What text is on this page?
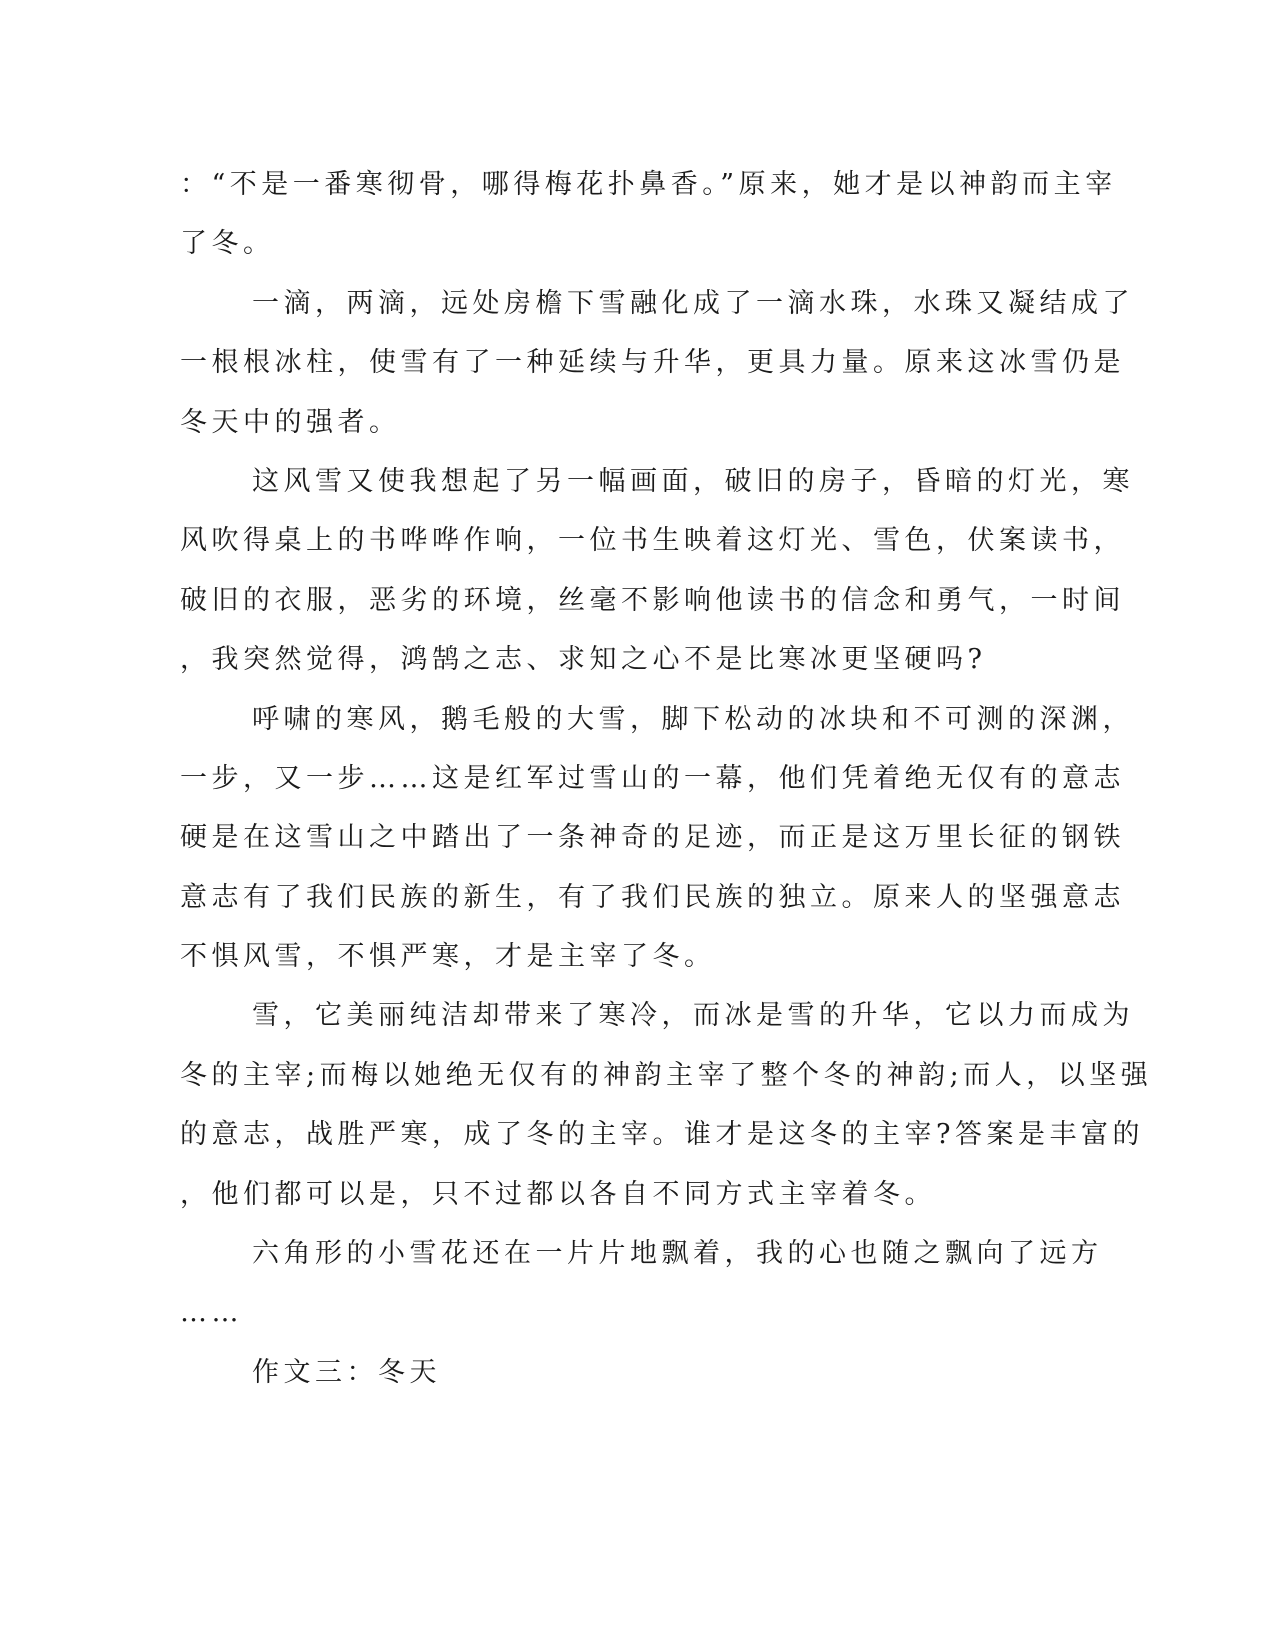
：“不是一番寒彻骨，哪得梅花扑鼻香。”原来，她才是以神韵而主宰
了冬。
一滴，两滴，远处房檐下雪融化成了一滴水珠，水珠又凝结成了
一根根冰柱，使雪有了一种延续与升华，更具力量。原来这冰雪仍是
冬天中的强者。
这风雪又使我想起了另一幅画面，破旧的房子，昏暗的灯光，寒
风吹得桌上的书哗哗作响，一位书生映着这灯光、雪色，伏案读书，
破旧的衣服，恶劣的环境，丝毫不影响他读书的信念和勇气，一时间
，我突然觉得，鸿鹄之志、求知之心不是比寒冰更坚硬吗?
呼啸的寒风，鹅毛般的大雪，脚下松动的冰块和不可测的深渊，
一步，又一步……这是红军过雪山的一幕，他们凭着绝无仅有的意志
硬是在这雪山之中踏出了一条神奇的足迹，而正是这万里长征的钢铁
意志有了我们民族的新生，有了我们民族的独立。原来人的坚强意志
不惧风雪，不惧严寒，才是主宰了冬。
雪，它美丽纯洁却带来了寒冷，而冰是雪的升华，它以力而成为
冬的主宰;而梅以她绝无仅有的神韵主宰了整个冬的神韵;而人，以坚强
的意志，战胜严寒，成了冬的主宰。谁才是这冬的主宰?答案是丰富的
，他们都可以是，只不过都以各自不同方式主宰着冬。
六角形的小雪花还在一片片地飘着，我的心也随之飘向了远方
……
作文三：冬天
